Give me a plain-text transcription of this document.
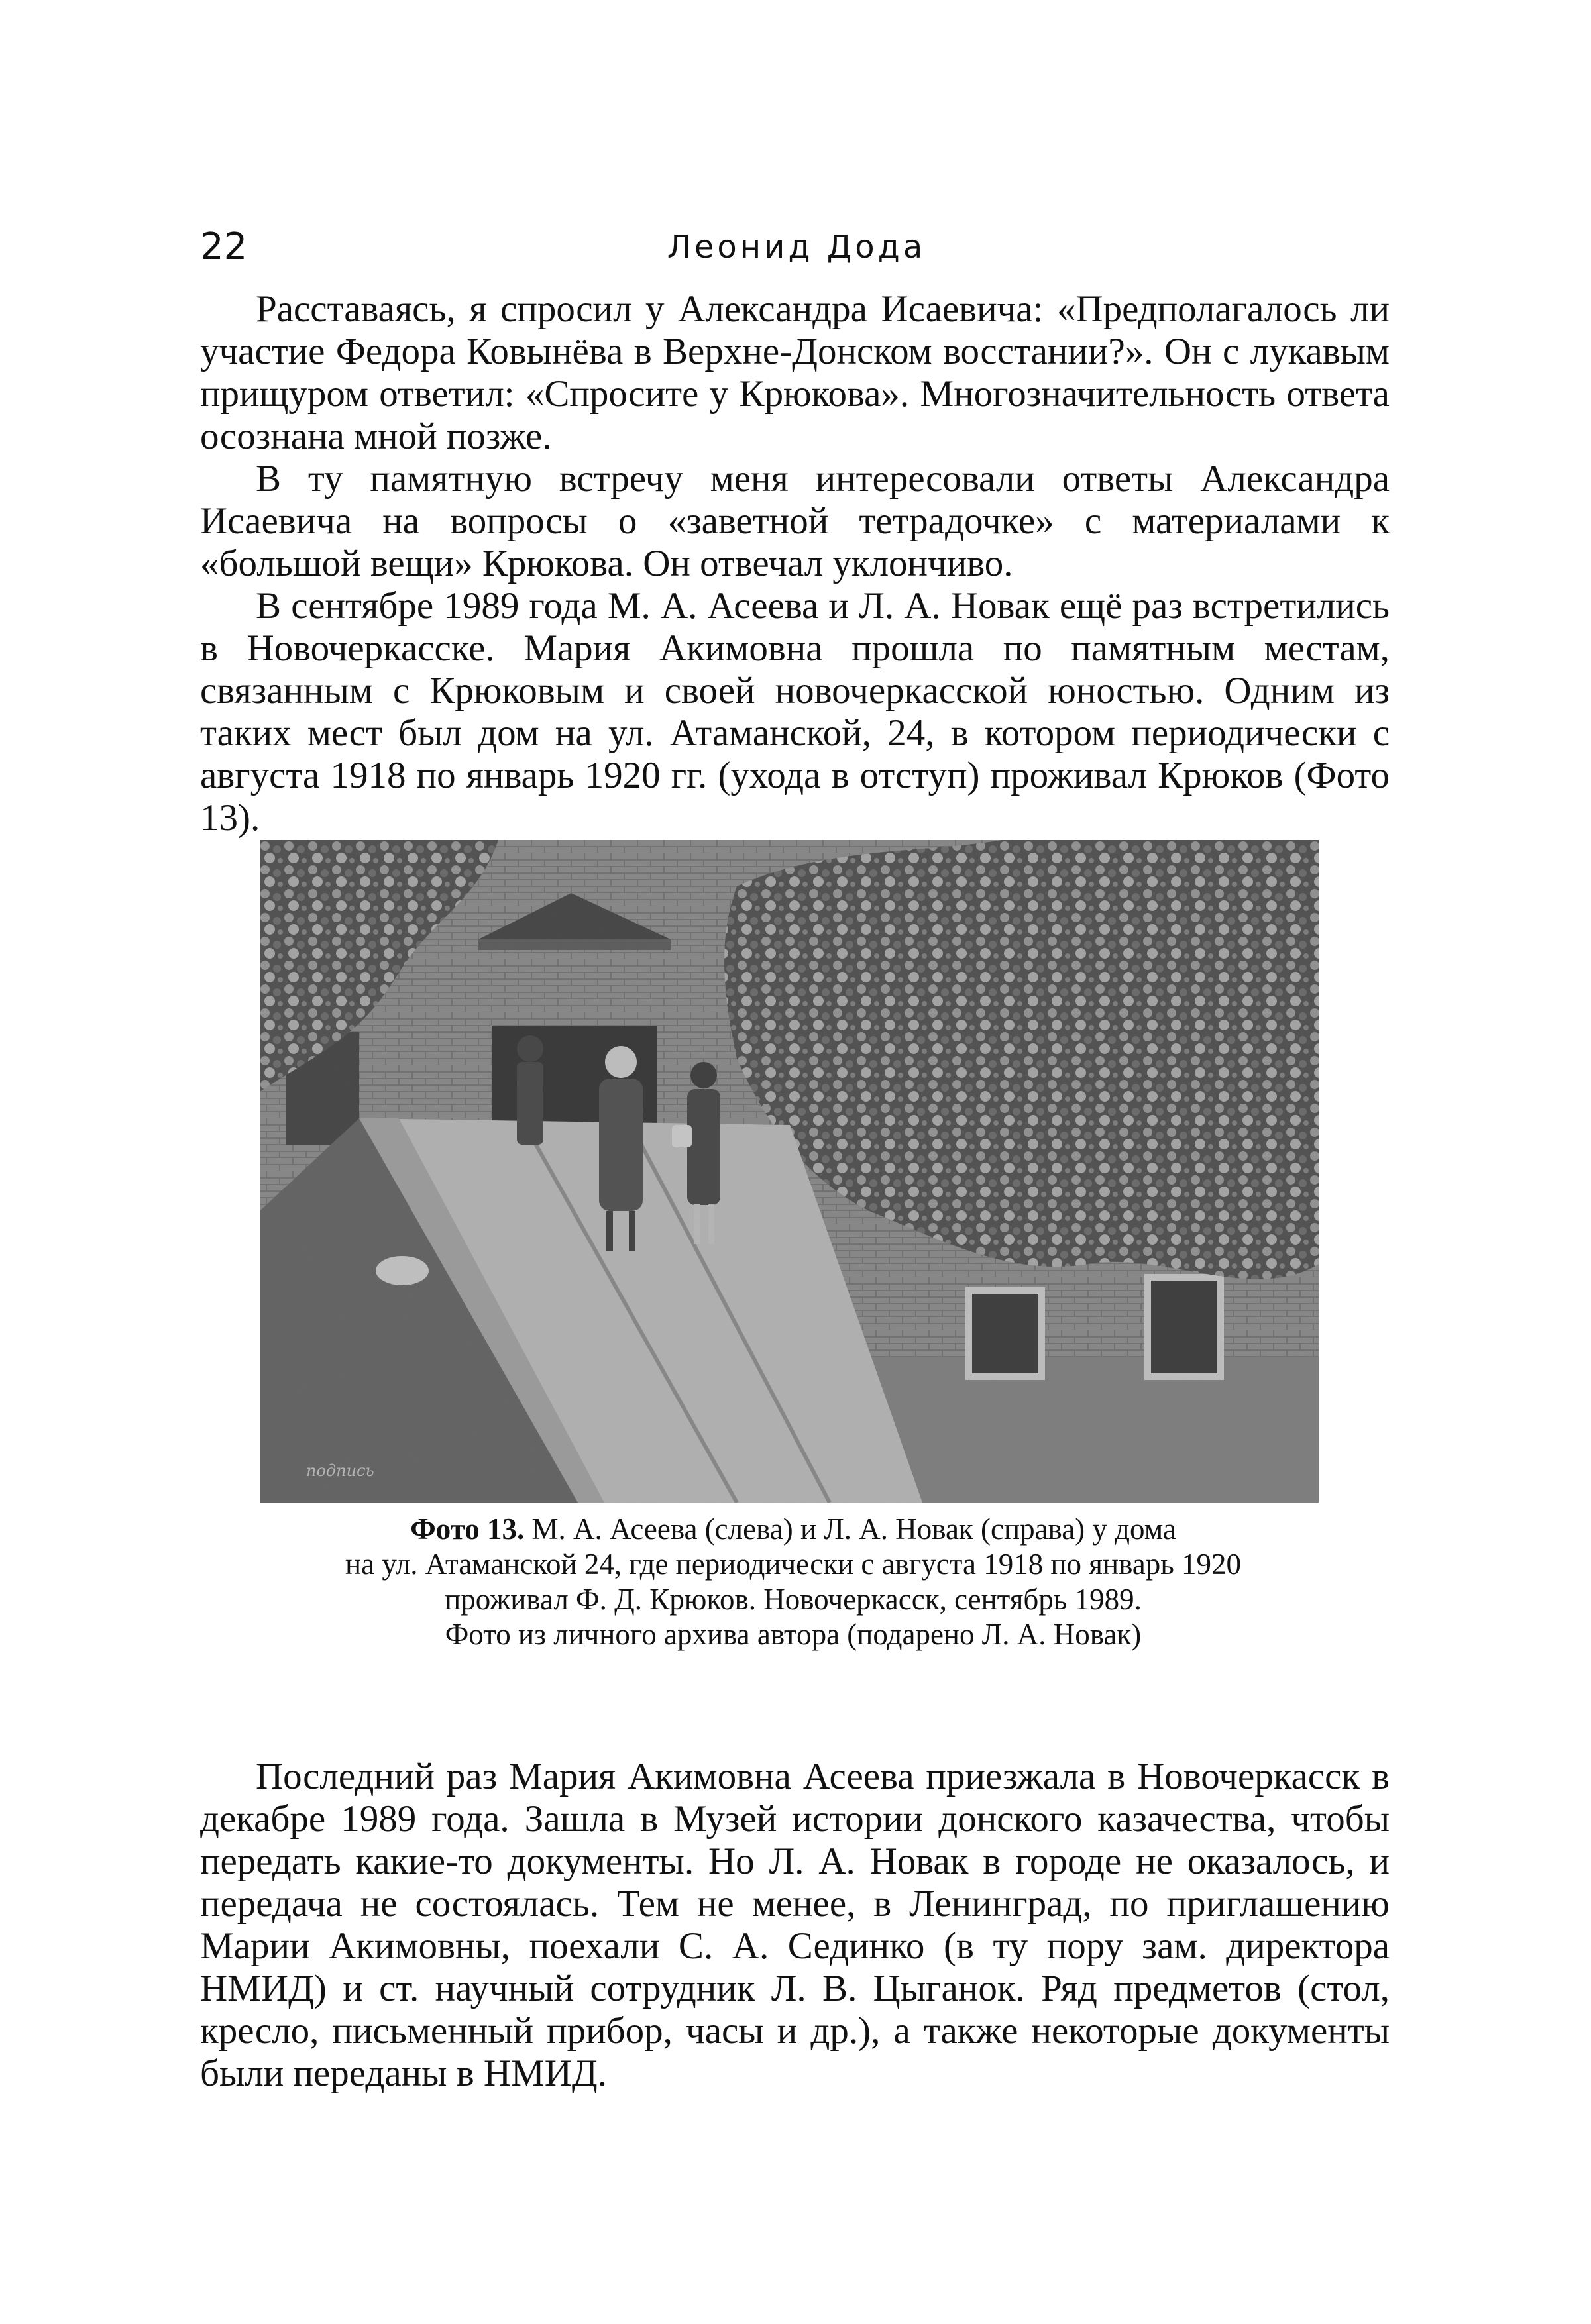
22	Леонид Дода

Расставаясь, я спросил у Александра Исаевича: «Предполагалось ли участие Федора Ковынёва в Верхне-Донском восстании?». Он с лукавым прищуром ответил: «Спросите у Крюкова». Многозначительность ответа осознана мной позже.

В ту памятную встречу меня интересовали ответы Александра Исаевича на вопросы о «заветной тетрадочке» с материалами к «большой вещи» Крюкова. Он отвечал уклончиво.

В сентябре 1989 года М. А. Асеева и Л. А. Новак ещё раз встретились в Новочеркасске. Мария Акимовна прошла по памятным местам, связанным с Крюковым и своей новочеркасской юностью. Одним из таких мест был дом на ул. Атаманской, 24, в котором периодически с августа 1918 по январь 1920 гг. (ухода в отступ) проживал Крюков (Фото 13).

подпись
Фото 13. М. А. Асеева (слева) и Л. А. Новак (справа) у дома
на ул. Атаманской 24, где периодически с августа 1918 по январь 1920
проживал Ф. Д. Крюков. Новочеркасск, сентябрь 1989.
Фото из личного архива автора (подарено Л. А. Новак)

Последний раз Мария Акимовна Асеева приезжала в Новочеркасск в декабре 1989 года. Зашла в Музей истории донского казачества, чтобы передать какие-то документы. Но Л. А. Новак в городе не оказалось, и передача не состоялась. Тем не менее, в Ленинград, по приглашению Марии Акимовны, поехали С. А. Сединко (в ту пору зам. директора НМИД) и ст. научный сотрудник Л. В. Цыганок. Ряд предметов (стол, кресло, письменный прибор, часы и др.), а также некоторые документы были переданы в НМИД.
